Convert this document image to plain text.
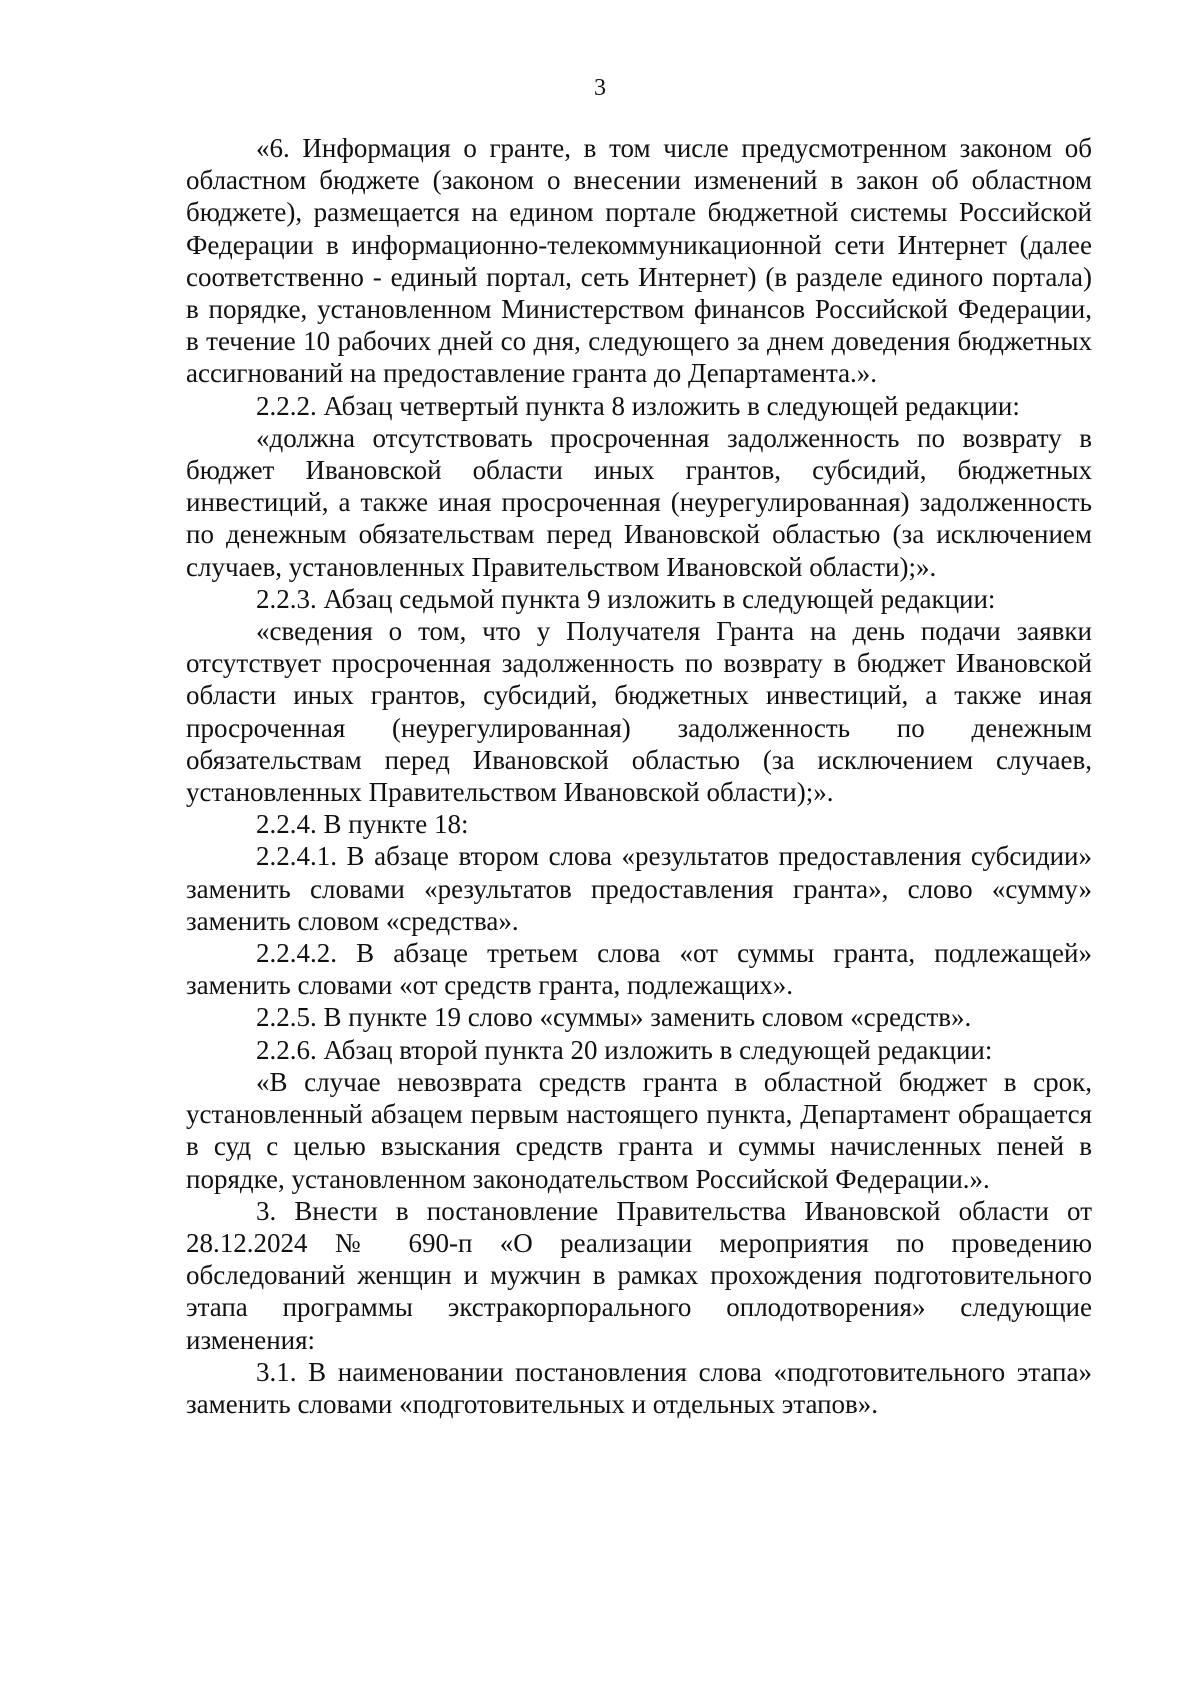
3

«6. Информация о гранте, в том числе предусмотренном законом об областном бюджете (законом о внесении изменений в закон об областном бюджете), размещается на едином портале бюджетной системы Российской Федерации в информационно-телекоммуникационной сети Интернет (далее соответственно - единый портал, сеть Интернет) (в разделе единого портала) в порядке, установленном Министерством финансов Российской Федерации, в течение 10 рабочих дней со дня, следующего за днем доведения бюджетных ассигнований на предоставление гранта до Департамента.».

2.2.2. Абзац четвертый пункта 8 изложить в следующей редакции:

«должна отсутствовать просроченная задолженность по возврату в бюджет Ивановской области иных грантов, субсидий, бюджетных инвестиций, а также иная просроченная (неурегулированная) задолженность по денежным обязательствам перед Ивановской областью (за исключением случаев, установленных Правительством Ивановской области);».

2.2.3. Абзац седьмой пункта 9 изложить в следующей редакции:

«сведения о том, что у Получателя Гранта на день подачи заявки отсутствует просроченная задолженность по возврату в бюджет Ивановской области иных грантов, субсидий, бюджетных инвестиций, а также иная просроченная (неурегулированная) задолженность по денежным обязательствам перед Ивановской областью (за исключением случаев, установленных Правительством Ивановской области);».

2.2.4. В пункте 18:

2.2.4.1. В абзаце втором слова «результатов предоставления субсидии» заменить словами «результатов предоставления гранта», слово «сумму» заменить словом «средства».

2.2.4.2. В абзаце третьем слова «от суммы гранта, подлежащей» заменить словами «от средств гранта, подлежащих».

2.2.5. В пункте 19 слово «суммы» заменить словом «средств».

2.2.6. Абзац второй пункта 20 изложить в следующей редакции:

«В случае невозврата средств гранта в областной бюджет в срок, установленный абзацем первым настоящего пункта, Департамент обращается в суд с целью взыскания средств гранта и суммы начисленных пеней в порядке, установленном законодательством Российской Федерации.».

3. Внести в постановление Правительства Ивановской области от 28.12.2024 № 690-п «О реализации мероприятия по проведению обследований женщин и мужчин в рамках прохождения подготовительного этапа программы экстракорпорального оплодотворения» следующие изменения:

3.1. В наименовании постановления слова «подготовительного этапа» заменить словами «подготовительных и отдельных этапов».
